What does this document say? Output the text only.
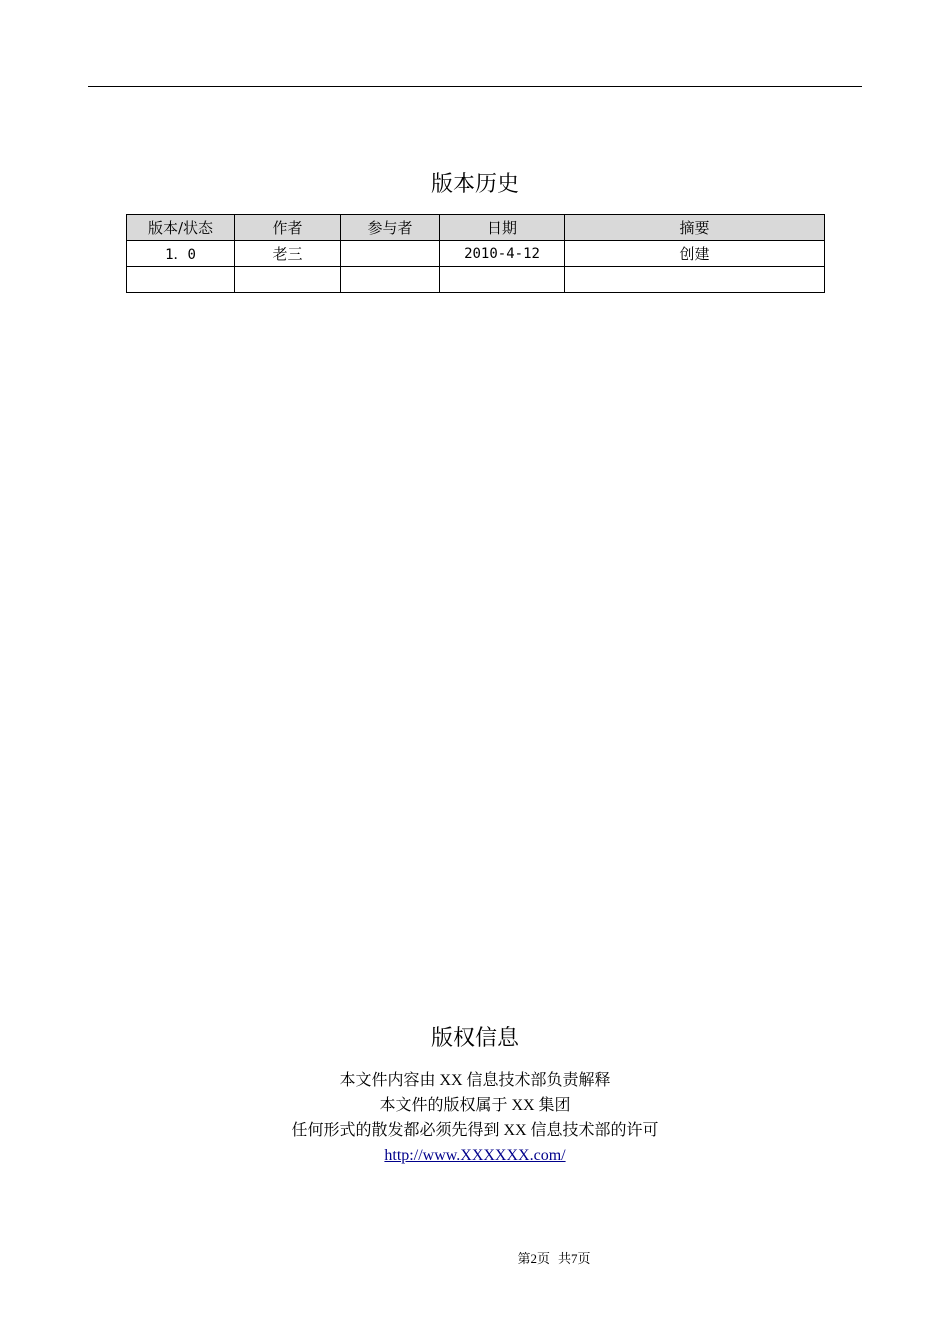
版本历史
版本/状态	作者	参与者	日期	摘要
1．0	老三		2010-4-12	创建

版权信息
本文件内容由 XX 信息技术部负责解释
本文件的版权属于 XX 集团
任何形式的散发都必须先得到 XX 信息技术部的许可
http://www.XXXXXX.com/
第2页 共7页
